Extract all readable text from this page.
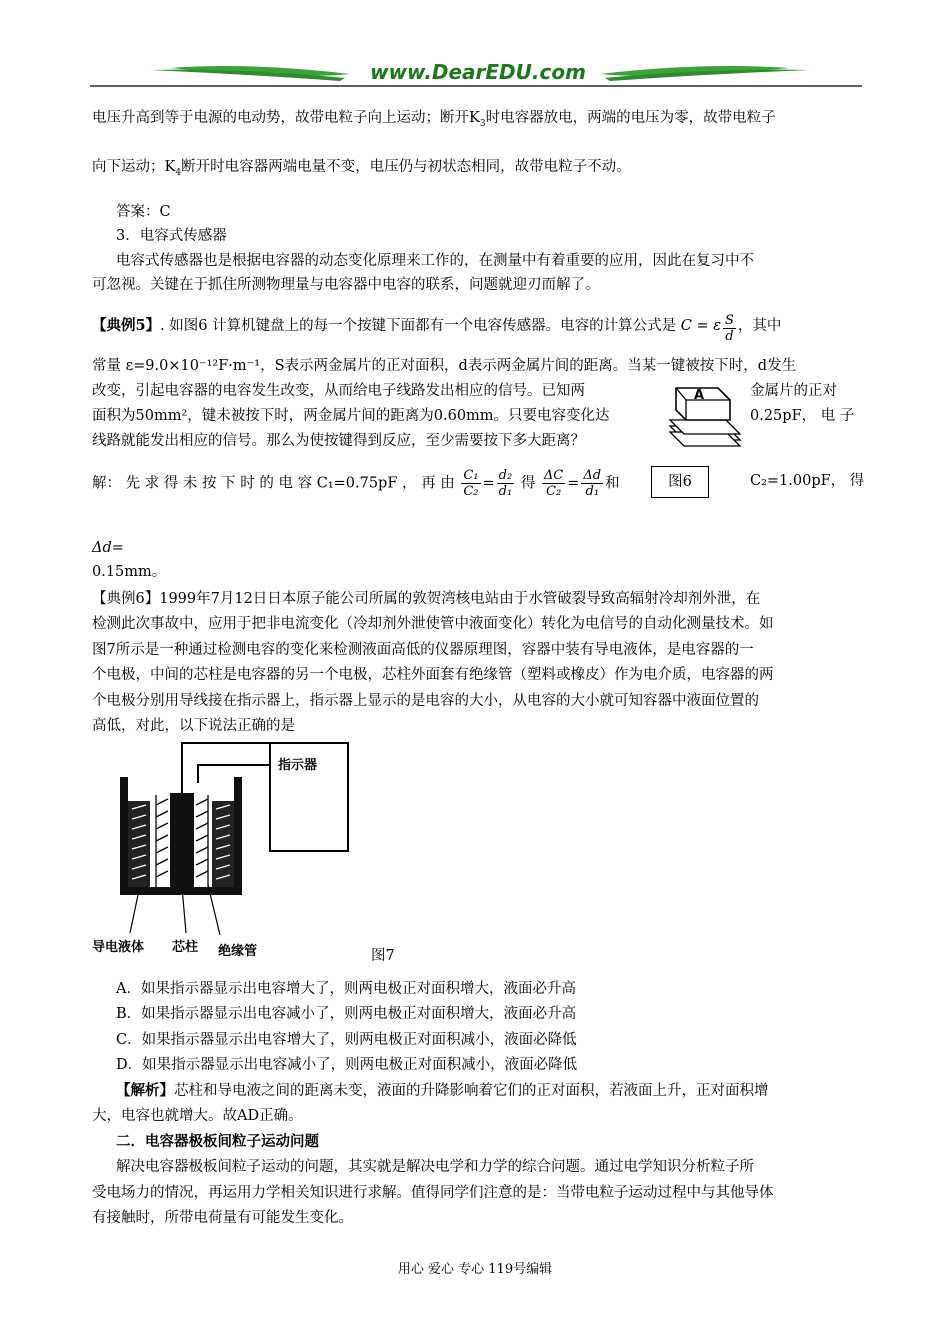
www.DearEDU.com
电压升高到等于电源的电动势，故带电粒子向上运动；断开$K_3$时电容器放电，两端的电压为零，故带电粒子
向下运动；$K_4$断开时电容器两端电量不变，电压仍与初状态相同，故带电粒子不动。
答案：C
3．电容式传感器
电容式传感器也是根据电容器的动态变化原理来工作的，在测量中有着重要的应用，因此在复习中不
可忽视。关键在于抓住所测物理量与电容器中电容的联系，问题就迎刃而解了。
【典例5】. 如图6 计算机键盘上的每一个按键下面都有一个电容传感器。电容的计算公式是 C = ε $\frac{S}{d}$ ，其中
常量 ε=9.0×10⁻¹²F·m⁻¹，S表示两金属片的正对面积，d表示两金属片间的距离。当某一键被按下时，d发生
改变，引起电容器的电容发生改变，从而给电子线路发出相应的信号。已知两	金属片的正对
面积为50mm²，键未被按下时，两金属片间的距离为0.60mm。只要电容变化达	0.25pF， 电 子
线路就能发出相应的信号。那么为使按键得到反应，至少需要按下多大距离？
A
解： 先 求 得 未 按 下 时 的 电 容 C₁=0.75pF ， 再 由 $\frac{\text{C₁}}{\text{C₂}} = \frac{\text{d₂}}{\text{d₁}}$ 得 $\frac{\Delta C}{\text{C₂}} = \frac{\Delta d}{\text{d₁}}$ 和	图6	C₂=1.00pF， 得
Δd=
0.15mm。
【典例6】1999年7月12日日本原子能公司所属的敦贺湾核电站由于水管破裂导致高辐射冷却剂外泄，在
检测此次事故中，应用于把非电流变化（冷却剂外泄使管中液面变化）转化为电信号的自动化测量技术。如
图7所示是一种通过检测电容的变化来检测液面高低的仪器原理图，容器中装有导电液体，是电容器的一
个电极，中间的芯柱是电容器的另一个电极，芯柱外面套有绝缘管（塑料或橡皮）作为电介质，电容器的两
个电极分别用导线接在指示器上，指示器上显示的是电容的大小，从电容的大小就可知容器中液面位置的
高低，对此，以下说法正确的是
指示器
导电液体 芯柱 绝缘管	图7
A．如果指示器显示出电容增大了，则两电极正对面积增大，液面必升高
B．如果指示器显示出电容减小了，则两电极正对面积增大，液面必升高
C．如果指示器显示出电容增大了，则两电极正对面积减小，液面必降低
D．如果指示器显示出电容减小了，则两电极正对面积减小，液面必降低
【解析】芯柱和导电液之间的距离未变，液面的升降影响着它们的正对面积，若液面上升，正对面积增
大，电容也就增大。故AD正确。
二．电容器极板间粒子运动问题
解决电容器极板间粒子运动的问题，其实就是解决电学和力学的综合问题。通过电学知识分析粒子所
受电场力的情况，再运用力学相关知识进行求解。值得同学们注意的是：当带电粒子运动过程中与其他导体
有接触时，所带电荷量有可能发生变化。
用心 爱心 专心 119号编辑
